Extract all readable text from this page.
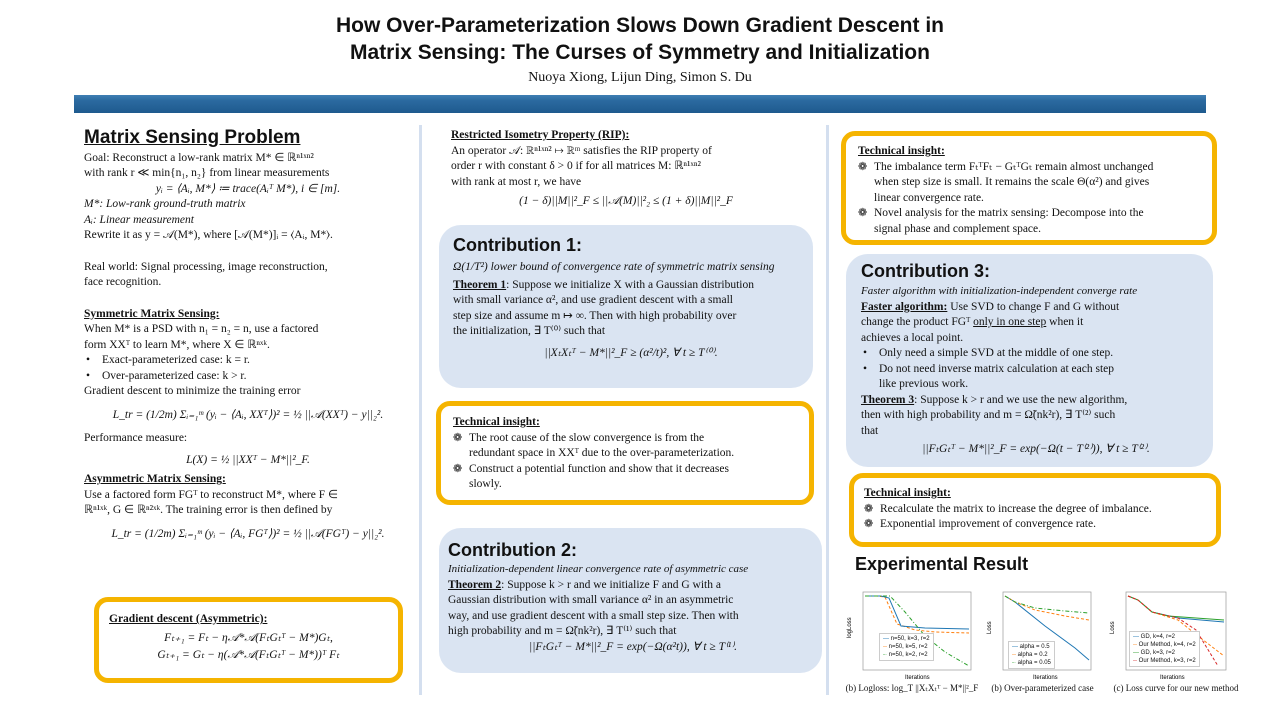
How Over-Parameterization Slows Down Gradient Descent in
Matrix Sensing: The Curses of Symmetry and Initialization
Nuoya Xiong, Lijun Ding, Simon S. Du
Matrix Sensing Problem
Goal: Reconstruct a low-rank matrix M* ∈ ℝⁿ¹ˣⁿ²
with rank r ≪ min{n₁, n₂} from linear measurements
yᵢ = ⟨Aᵢ, M*⟩ ≔ trace(Aᵢᵀ M*), i ∈ [m].
M*: Low-rank ground-truth matrix
Aᵢ: Linear measurement
Rewrite it as y = 𝒜(M*), where [𝒜(M*)]ᵢ = ⟨Aᵢ, M*⟩.
Real world: Signal processing, image reconstruction,
face recognition.
Symmetric Matrix Sensing:
When M* is a PSD with n₁ = n₂ = n, use a factored
form XXᵀ to learn M*, where X ∈ ℝⁿˣᵏ.
• Exact-parameterized case: k = r.
• Over-parameterized case: k > r.
Gradient descent to minimize the training error
L_tr = (1/2m) Σᵢ₌₁ᵐ (yᵢ − ⟨Aᵢ, XXᵀ⟩)² = ½ ||𝒜(XXᵀ) − y||₂².
Performance measure:
L(X) = ½ ||XXᵀ − M*||²_F.
Asymmetric Matrix Sensing:
Use a factored form FGᵀ to reconstruct M*, where F ∈
ℝⁿ¹ˣᵏ, G ∈ ℝⁿ²ˣᵏ. The training error is then defined by
L_tr = (1/2m) Σᵢ₌₁ᵐ (yᵢ − ⟨Aᵢ, FGᵀ⟩)² = ½ ||𝒜(FGᵀ) − y||₂².
Gradient descent (Asymmetric):
Fₜ₊₁ = Fₜ − η𝒜*𝒜(FₜGₜᵀ − M*)Gₜ,
Gₜ₊₁ = Gₜ − η(𝒜*𝒜(FₜGₜᵀ − M*))ᵀ Fₜ
Restricted Isometry Property (RIP):
An operator 𝒜: ℝⁿ¹ˣⁿ² ↦ ℝᵐ satisfies the RIP property of
order r with constant δ > 0 if for all matrices M: ℝⁿ¹ˣⁿ²
with rank at most r, we have
(1 − δ)||M||²_F ≤ ||𝒜(M)||²₂ ≤ (1 + δ)||M||²_F
Contribution 1:
Ω(1/T²) lower bound of convergence rate of symmetric matrix sensing
Theorem 1: Suppose we initialize X with a Gaussian distribution
with small variance α², and use gradient descent with a small
step size and assume m ↦ ∞. Then with high probability over
the initialization, ∃ T⁽⁰⁾ such that
||XₜXₜᵀ − M*||²_F ≥ (α²/t)², ∀ t ≥ T⁽⁰⁾.
Technical insight:
❁ The root cause of the slow convergence is from the
redundant space in XXᵀ due to the over-parameterization.
❁ Construct a potential function and show that it decreases
slowly.
Contribution 2:
Initialization-dependent linear convergence rate of asymmetric case
Theorem 2: Suppose k > r and we initialize F and G with a
Gaussian distribution with small variance α² in an asymmetric
way, and use gradient descent with a small step size. Then with
high probability and m = Ω̃(nk²r), ∃ T⁽¹⁾ such that
||FₜGₜᵀ − M*||²_F = exp(−Ω(α²t)), ∀ t ≥ T⁽¹⁾.
Technical insight:
❁ The imbalance term FₜᵀFₜ − GₜᵀGₜ remain almost unchanged
when step size is small. It remains the scale Θ(α²) and gives
linear convergence rate.
❁ Novel analysis for the matrix sensing: Decompose into the
signal phase and complement space.
Contribution 3:
Faster algorithm with initialization-independent converge rate
Faster algorithm: Use SVD to change F and G without
change the product FGᵀ only in one step when it
achieves a local point.
• Only need a simple SVD at the middle of one step.
• Do not need inverse matrix calculation at each step
like previous work.
Theorem 3: Suppose k > r and we use the new algorithm,
then with high probability and m = Ω̃(nk²r), ∃ T⁽²⁾ such
that
||FₜGₜᵀ − M*||²_F = exp(−Ω(t − T⁽²⁾)), ∀ t ≥ T⁽²⁾.
Technical insight:
❁ Recalculate the matrix to increase the degree of imbalance.
❁ Exponential improvement of convergence rate.
Experimental Result
logLoss
Iterations
— n=50, k=3, r=2
-- n=50, k=5, r=2
-· n=50, k=2, r=2
(b) Logloss: log_T ||XₜXₜᵀ − M*||²_F
Loss
Iterations
— alpha = 0.5
-- alpha = 0.2
-· alpha = 0.05
(b) Over-parameterized case
Loss
Iterations
— GD, k=4, r=2
-- Our Method, k=4, r=2
— GD, k=3, r=2
-- Our Method, k=3, r=2
(c) Loss curve for our new method
